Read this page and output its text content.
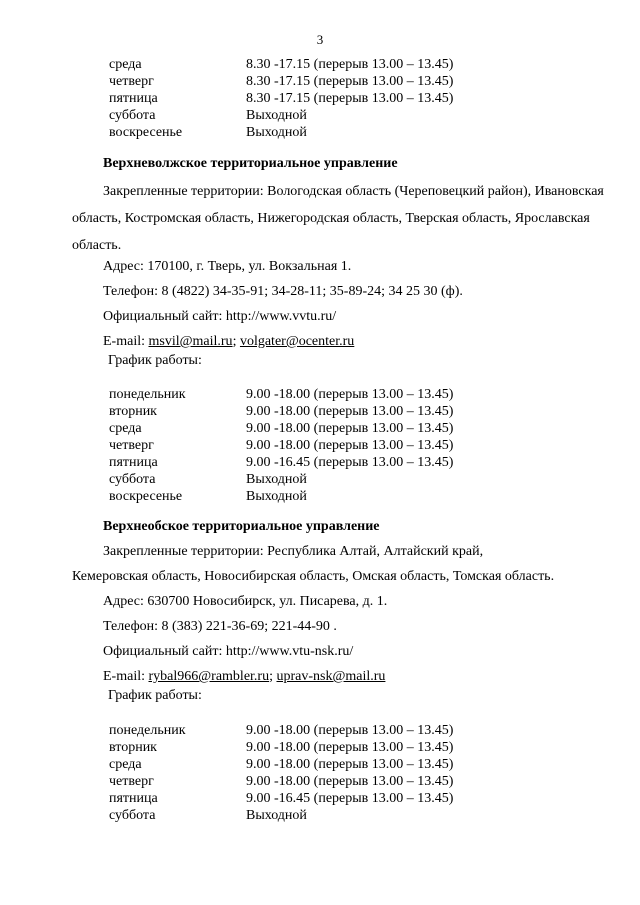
3
среда	8.30 -17.15 (перерыв 13.00 – 13.45)
четверг	8.30 -17.15 (перерыв 13.00 – 13.45)
пятница	8.30 -17.15 (перерыв 13.00 – 13.45)
суббота	Выходной
воскресенье	Выходной
Верхневолжское территориальное управление
Закрепленные территории: Вологодская область (Череповецкий район), Ивановская область, Костромская область, Нижегородская область, Тверская область, Ярославская область.
Адрес: 170100, г. Тверь, ул. Вокзальная 1.
Телефон: 8 (4822) 34-35-91; 34-28-11; 35-89-24; 34 25 30 (ф).
Официальный сайт: http://www.vvtu.ru/
E-mail: msvil@mail.ru; volgater@ocenter.ru
График работы:
понедельник	9.00 -18.00 (перерыв 13.00 – 13.45)
вторник	9.00 -18.00 (перерыв 13.00 – 13.45)
среда	9.00 -18.00 (перерыв 13.00 – 13.45)
четверг	9.00 -18.00 (перерыв 13.00 – 13.45)
пятница	9.00 -16.45 (перерыв 13.00 – 13.45)
суббота	Выходной
воскресенье	Выходной
Верхнеобское территориальное управление
Закрепленные территории: Республика Алтай, Алтайский край,
Кемеровская область, Новосибирская область, Омская область, Томская область.
Адрес: 630700 Новосибирск, ул. Писарева, д. 1.
Телефон: 8 (383) 221-36-69; 221-44-90 .
Официальный сайт: http://www.vtu-nsk.ru/
E-mail: rybal966@rambler.ru; uprav-nsk@mail.ru
График работы:
понедельник	9.00 -18.00 (перерыв 13.00 – 13.45)
вторник	9.00 -18.00 (перерыв 13.00 – 13.45)
среда	9.00 -18.00 (перерыв 13.00 – 13.45)
четверг	9.00 -18.00 (перерыв 13.00 – 13.45)
пятница	9.00 -16.45 (перерыв 13.00 – 13.45)
суббота	Выходной
